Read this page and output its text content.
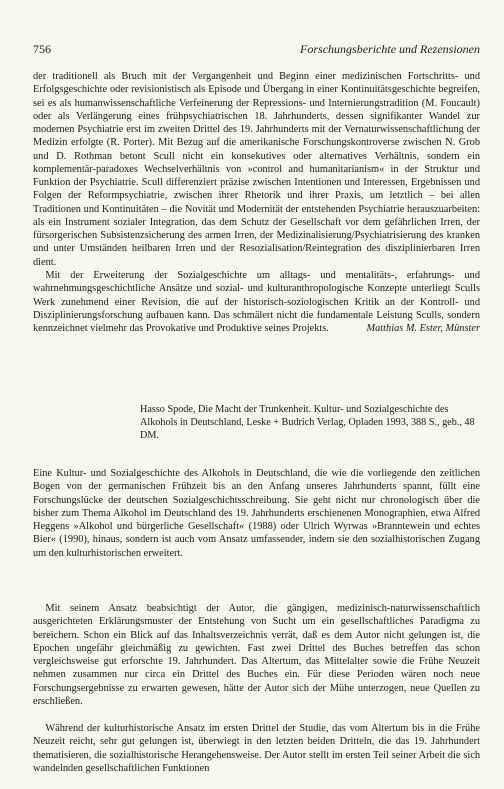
756	Forschungsberichte und Rezensionen

der traditionell als Bruch mit der Vergangenheit und Beginn einer medizinischen Fortschritts- und Erfolgsgeschichte oder revisionistisch als Episode und Übergang in einer Kontinuitätsgeschichte begreifen, sei es als humanwissenschaftliche Verfeinerung der Repressions- und Internierungstradition (M. Foucault) oder als Verlängerung eines frühpsychiatrischen 18. Jahrhunderts, dessen signifikanter Wandel zur modernen Psychiatrie erst im zweiten Drittel des 19. Jahrhunderts mit der Vernaturwissenschaftlichung der Medizin erfolgte (R. Porter). Mit Bezug auf die amerikanische Forschungskontroverse zwischen N. Grob und D. Rothman betont Scull nicht ein konsekutives oder alternatives Verhältnis, sondern ein komplementär-paradoxes Wechselverhältnis von »control and humanitarianism« in der Struktur und Funktion der Psychiatrie. Scull differenziert präzise zwischen Intentionen und Interessen, Ergebnissen und Folgen der Reformpsychiatrie, zwischen ihrer Rhetorik und ihrer Praxis, um letztlich – bei allen Traditionen und Kontinuitäten – die Novität und Modernität der entstehenden Psychiatrie herauszuarbeiten: als ein Instrument sozialer Integration, das dem Schutz der Gesellschaft vor dem gefährlichen Irren, der fürsorgerischen Subsistenzsicherung des armen Irren, der Medizinalisierung/Psychiatrisierung des kranken und unter Umständen heilbaren Irren und der Resozialisation/Reintegration des disziplinierbaren Irren dient.

Mit der Erweiterung der Sozialgeschichte um alltags- und mentalitäts-, erfahrungs- und wahrnehmungsgeschichtliche Ansätze und sozial- und kulturanthropologische Konzepte unterliegt Sculls Werk zunehmend einer Revision, die auf der historisch-soziologischen Kritik an der Kontroll- und Disziplinierungsforschung aufbauen kann. Das schmälert nicht die fundamentale Leistung Sculls, sondern kennzeichnet vielmehr das Provokative und Produktive seines Projekts.	Matthias M. Ester, Münster

Hasso Spode, Die Macht der Trunkenheit. Kultur- und Sozialgeschichte des Alkohols in Deutschland, Leske + Budrich Verlag, Opladen 1993, 388 S., geb., 48 DM.

Eine Kultur- und Sozialgeschichte des Alkohols in Deutschland, die wie die vorliegende den zeitlichen Bogen von der germanischen Frühzeit bis an den Anfang unseres Jahrhunderts spannt, füllt eine Forschungslücke der deutschen Sozialgeschichtsschreibung. Sie geht nicht nur chronologisch über die bisher zum Thema Alkohol im Deutschland des 19. Jahrhunderts erschienenen Monographien, etwa Alfred Heggens »Alkohol und bürgerliche Gesellschaft« (1988) oder Ulrich Wyrwas »Branntewein und echtes Bier« (1990), hinaus, sondern ist auch vom Ansatz umfassender, indem sie den sozialhistorischen Zugang um den kulturhistorischen erweitert.

Mit seinem Ansatz beabsichtigt der Autor, die gängigen, medizinisch-naturwissenschaftlich ausgerichteten Erklärungsmuster der Entstehung von Sucht um ein gesellschaftliches Paradigma zu bereichern. Schon ein Blick auf das Inhaltsverzeichnis verrät, daß es dem Autor nicht gelungen ist, die Epochen ungefähr gleichmäßig zu gewichten. Fast zwei Drittel des Buches betreffen das schon vergleichsweise gut erforschte 19. Jahrhundert. Das Altertum, das Mittelalter sowie die Frühe Neuzeit nehmen zusammen nur circa ein Drittel des Buches ein. Für diese Perioden wären noch neue Forschungsergebnisse zu erwarten gewesen, hätte der Autor sich der Mühe unterzogen, neue Quellen zu erschließen.

Während der kulturhistorische Ansatz im ersten Drittel der Studie, das vom Altertum bis in die Frühe Neuzeit reicht, sehr gut gelungen ist, überwiegt in den letzten beiden Dritteln, die das 19. Jahrhundert thematisieren, die sozialhistorische Herangehensweise. Der Autor stellt im ersten Teil seiner Arbeit die sich wandelnden gesellschaftlichen Funktionen
